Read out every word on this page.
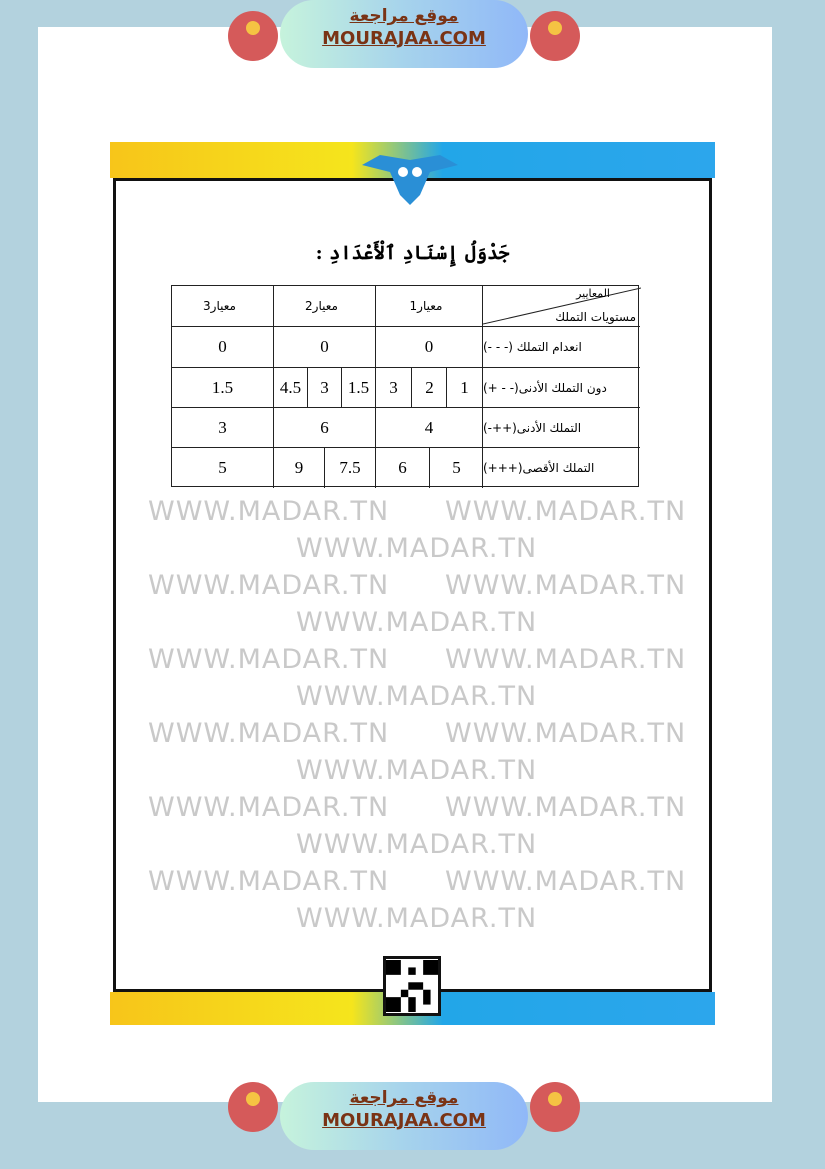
موقع مراجعة
MOURAJAA.COM
WWW.MADAR.TN WWW.MADAR.TN
WWW.MADAR.TN
WWW.MADAR.TN WWW.MADAR.TN
WWW.MADAR.TN
WWW.MADAR.TN WWW.MADAR.TN
WWW.MADAR.TN
WWW.MADAR.TN WWW.MADAR.TN
WWW.MADAR.TN
WWW.MADAR.TN WWW.MADAR.TN
WWW.MADAR.TN
WWW.MADAR.TN WWW.MADAR.TN
WWW.MADAR.TN
جَدْوَلُ إِسْنَادِ ٱلْأَعْدَادِ :
المعايير
مستويات التملك
معيار1
معيار2
معيار3
انعدام التملك (- - -)
0
0
0
دون التملك الأدنى(- - +)
1
2
3
1.5
3
4.5
1.5
التملك الأدنى(++-)
4
6
3
التملك الأقصى(+++)
5
6
7.5
9
5
موقع مراجعة
MOURAJAA.COM
